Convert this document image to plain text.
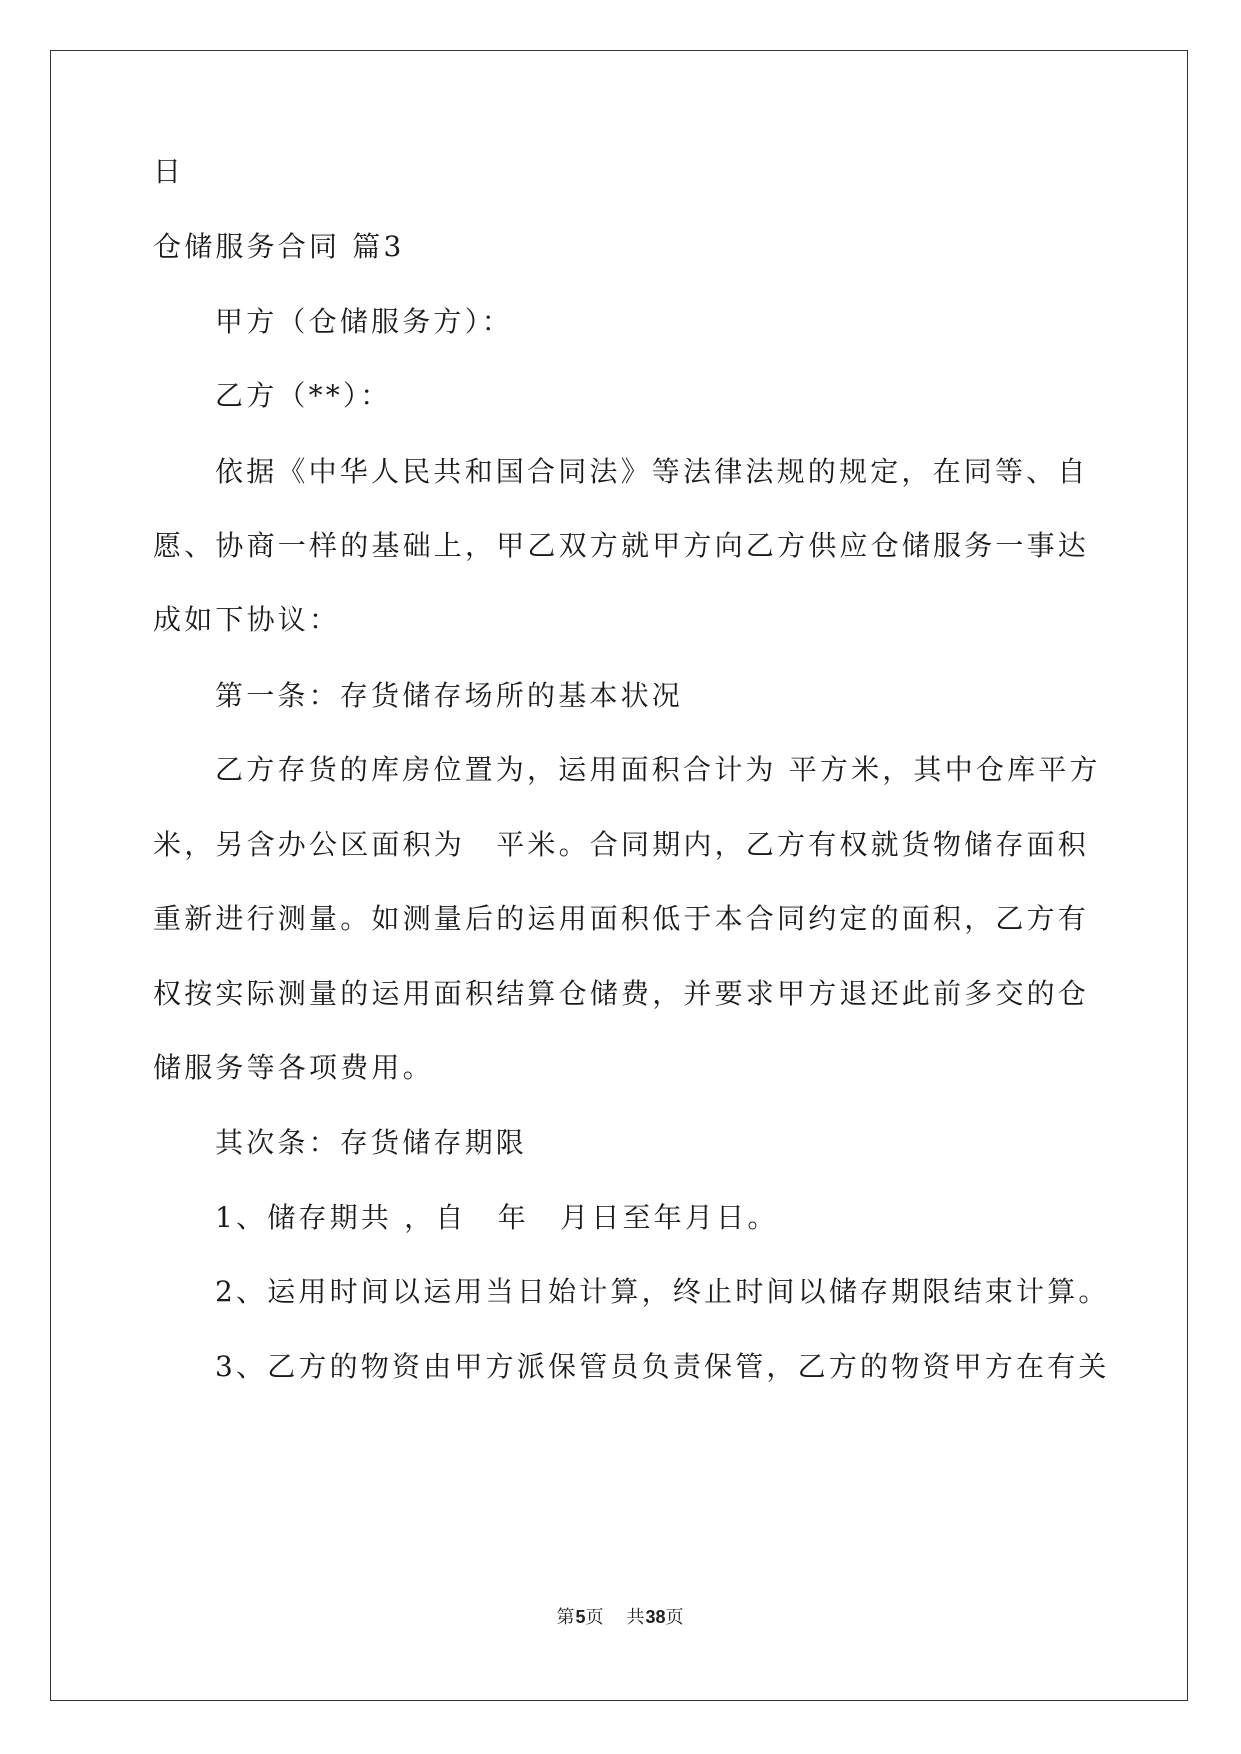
日
仓储服务合同 篇3
甲方（仓储服务方）：
乙方（**）：
依据《中华人民共和国合同法》等法律法规的规定，在同等、自
愿、协商一样的基础上，甲乙双方就甲方向乙方供应仓储服务一事达
成如下协议：
第一条：存货储存场所的基本状况
乙方存货的库房位置为，运用面积合计为 平方米，其中仓库平方
米，另含办公区面积为　平米。合同期内，乙方有权就货物储存面积
重新进行测量。如测量后的运用面积低于本合同约定的面积，乙方有
权按实际测量的运用面积结算仓储费，并要求甲方退还此前多交的仓
储服务等各项费用。
其次条：存货储存期限
1、储存期共 ，自　年　月日至年月日。
2、运用时间以运用当日始计算，终止时间以储存期限结束计算。
3、乙方的物资由甲方派保管员负责保管，乙方的物资甲方在有关
第5页 共38页
